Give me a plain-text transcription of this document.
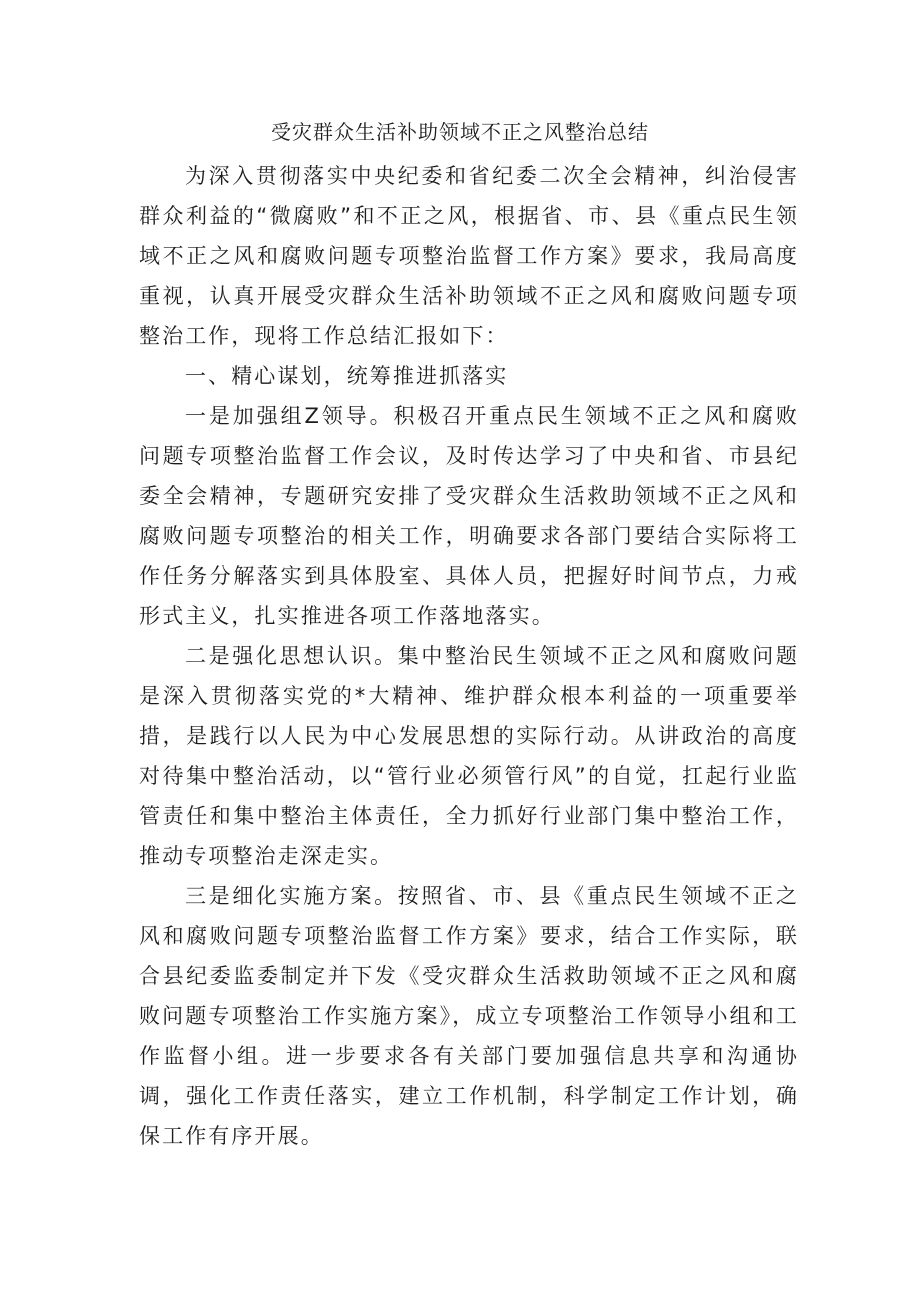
受灾群众生活补助领域不正之风整治总结

为深入贯彻落实中央纪委和省纪委二次全会精神，纠治侵害群众利益的“微腐败”和不正之风，根据省、市、县《重点民生领域不正之风和腐败问题专项整治监督工作方案》要求，我局高度重视，认真开展受灾群众生活补助领域不正之风和腐败问题专项整治工作，现将工作总结汇报如下：

一、精心谋划，统筹推进抓落实

一是加强组Z领导。积极召开重点民生领域不正之风和腐败问题专项整治监督工作会议，及时传达学习了中央和省、市县纪委全会精神，专题研究安排了受灾群众生活救助领域不正之风和腐败问题专项整治的相关工作，明确要求各部门要结合实际将工作任务分解落实到具体股室、具体人员，把握好时间节点，力戒形式主义，扎实推进各项工作落地落实。

二是强化思想认识。集中整治民生领域不正之风和腐败问题是深入贯彻落实党的*大精神、维护群众根本利益的一项重要举措，是践行以人民为中心发展思想的实际行动。从讲政治的高度对待集中整治活动，以“管行业必须管行风”的自觉，扛起行业监管责任和集中整治主体责任，全力抓好行业部门集中整治工作，推动专项整治走深走实。

三是细化实施方案。按照省、市、县《重点民生领域不正之风和腐败问题专项整治监督工作方案》要求，结合工作实际，联合县纪委监委制定并下发《受灾群众生活救助领域不正之风和腐败问题专项整治工作实施方案》，成立专项整治工作领导小组和工作监督小组。进一步要求各有关部门要加强信息共享和沟通协调，强化工作责任落实，建立工作机制，科学制定工作计划，确保工作有序开展。
